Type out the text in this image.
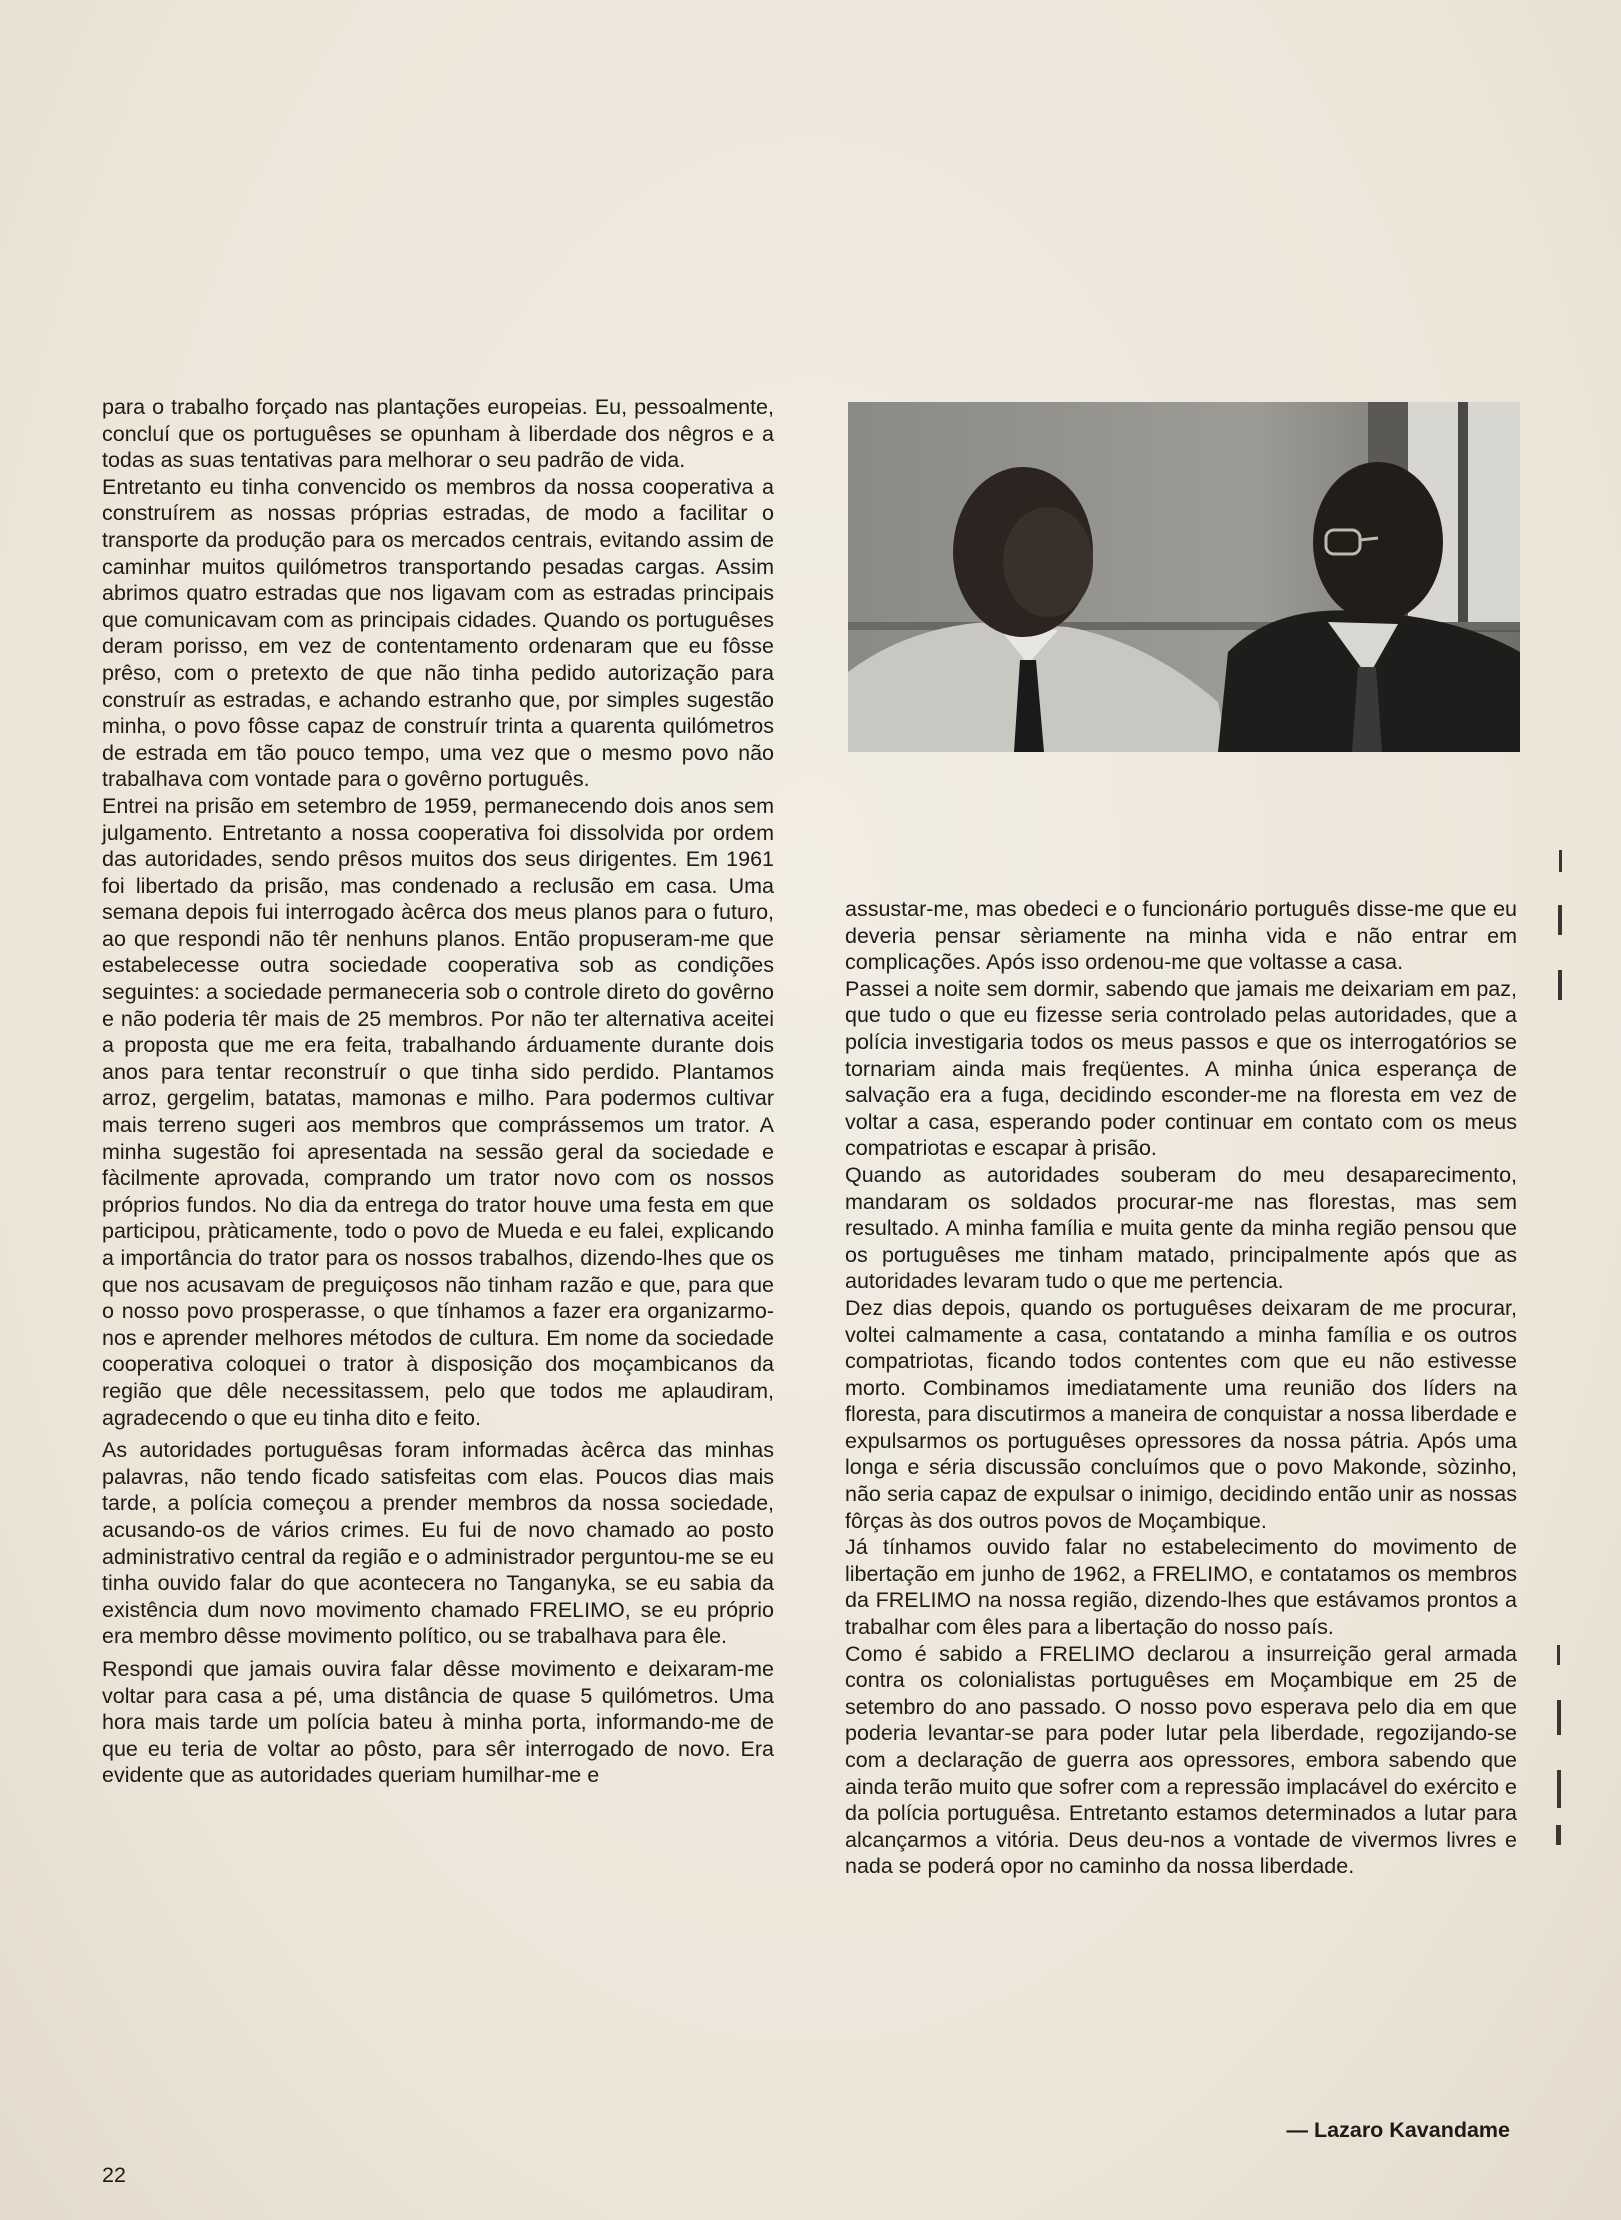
para o trabalho forçado nas plantações europeias. Eu, pessoalmente, concluí que os portuguêses se opunham à liberdade dos nêgros e a todas as suas tentativas para melhorar o seu padrão de vida.

Entretanto eu tinha convencido os membros da nossa cooperativa a construírem as nossas próprias estradas, de modo a facilitar o transporte da produção para os mercados centrais, evitando assim de caminhar muitos quilómetros transportando pesadas cargas. Assim abrimos quatro estradas que nos ligavam com as estradas principais que comunicavam com as principais cidades. Quando os portuguêses deram porisso, em vez de contentamento ordenaram que eu fôsse prêso, com o pretexto de que não tinha pedido autorização para construír as estradas, e achando estranho que, por simples sugestão minha, o povo fôsse capaz de construír trinta a quarenta quilómetros de estrada em tão pouco tempo, uma vez que o mesmo povo não trabalhava com vontade para o govêrno português.

Entrei na prisão em setembro de 1959, permanecendo dois anos sem julgamento. Entretanto a nossa cooperativa foi dissolvida por ordem das autoridades, sendo prêsos muitos dos seus dirigentes. Em 1961 foi libertado da prisão, mas condenado a reclusão em casa. Uma semana depois fui interrogado àcêrca dos meus planos para o futuro, ao que respondi não têr nenhuns planos. Então propuseram-me que estabelecesse outra sociedade cooperativa sob as condições seguintes: a sociedade permaneceria sob o controle direto do govêrno e não poderia têr mais de 25 membros. Por não ter alternativa aceitei a proposta que me era feita, trabalhando árduamente durante dois anos para tentar reconstruír o que tinha sido perdido. Plantamos arroz, gergelim, batatas, mamonas e milho. Para podermos cultivar mais terreno sugeri aos membros que comprássemos um trator. A minha sugestão foi apresentada na sessão geral da sociedade e fàcilmente aprovada, comprando um trator novo com os nossos próprios fundos. No dia da entrega do trator houve uma festa em que participou, pràticamente, todo o povo de Mueda e eu falei, explicando a importância do trator para os nossos trabalhos, dizendo-lhes que os que nos acusavam de preguiçosos não tinham razão e que, para que o nosso povo prosperasse, o que tínhamos a fazer era organizarmo-nos e aprender melhores métodos de cultura. Em nome da sociedade cooperativa coloquei o trator à disposição dos moçambicanos da região que dêle necessitassem, pelo que todos me aplaudiram, agradecendo o que eu tinha dito e feito.

As autoridades portuguêsas foram informadas àcêrca das minhas palavras, não tendo ficado satisfeitas com elas. Poucos dias mais tarde, a polícia começou a prender membros da nossa sociedade, acusando-os de vários crimes. Eu fui de novo chamado ao posto administrativo central da região e o administrador perguntou-me se eu tinha ouvido falar do que acontecera no Tanganyka, se eu sabia da existência dum novo movimento chamado FRELIMO, se eu próprio era membro dêsse movimento político, ou se trabalhava para êle.

Respondi que jamais ouvira falar dêsse movimento e deixaram-me voltar para casa a pé, uma distância de quase 5 quilómetros. Uma hora mais tarde um polícia bateu à minha porta, informando-me de que eu teria de voltar ao pôsto, para sêr interrogado de novo. Era evidente que as autoridades queriam humilhar-me e

assustar-me, mas obedeci e o funcionário português disse-me que eu deveria pensar sèriamente na minha vida e não entrar em complicações. Após isso ordenou-me que voltasse a casa.

Passei a noite sem dormir, sabendo que jamais me deixariam em paz, que tudo o que eu fizesse seria controlado pelas autoridades, que a polícia investigaria todos os meus passos e que os interrogatórios se tornariam ainda mais freqüentes. A minha única esperança de salvação era a fuga, decidindo esconder-me na floresta em vez de voltar a casa, esperando poder continuar em contato com os meus compatriotas e escapar à prisão.

Quando as autoridades souberam do meu desaparecimento, mandaram os soldados procurar-me nas florestas, mas sem resultado. A minha família e muita gente da minha região pensou que os portuguêses me tinham matado, principalmente após que as autoridades levaram tudo o que me pertencia.

Dez dias depois, quando os portuguêses deixaram de me procurar, voltei calmamente a casa, contatando a minha família e os outros compatriotas, ficando todos contentes com que eu não estivesse morto. Combinamos imediatamente uma reunião dos líders na floresta, para discutirmos a maneira de conquistar a nossa liberdade e expulsarmos os portuguêses opressores da nossa pátria. Após uma longa e séria discussão concluímos que o povo Makonde, sòzinho, não seria capaz de expulsar o inimigo, decidindo então unir as nossas fôrças às dos outros povos de Moçambique.

Já tínhamos ouvido falar no estabelecimento do movimento de libertação em junho de 1962, a FRELIMO, e contatamos os membros da FRELIMO na nossa região, dizendo-lhes que estávamos prontos a trabalhar com êles para a libertação do nosso país.

Como é sabido a FRELIMO declarou a insurreição geral armada contra os colonialistas portuguêses em Moçambique em 25 de setembro do ano passado. O nosso povo esperava pelo dia em que poderia levantar-se para poder lutar pela liberdade, regozijando-se com a declaração de guerra aos opressores, embora sabendo que ainda terão muito que sofrer com a repressão implacável do exército e da polícia portuguêsa. Entretanto estamos determinados a lutar para alcançarmos a vitória. Deus deu-nos a vontade de vivermos livres e nada se poderá opor no caminho da nossa liberdade.

— Lazaro Kavandame
22
